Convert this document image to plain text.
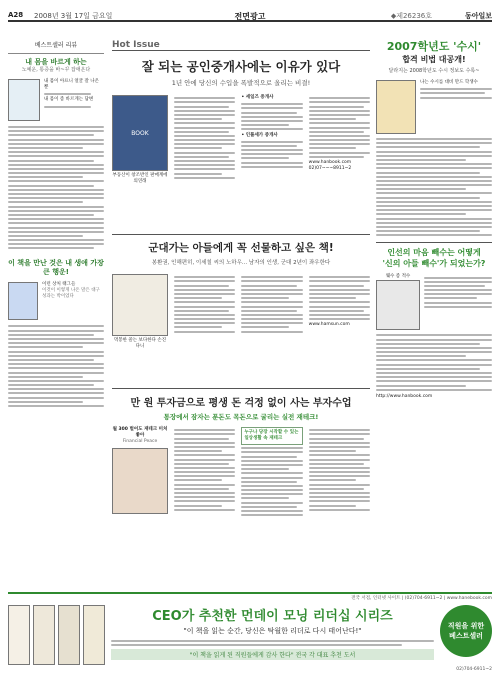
A28 2008년 3월 17일 금요일	전면광고	◆제26236호	동아일보
베스트셀러 리뷰
내 몸을 바르게 하는
노예운, 통증을 바~꾸 잡애온다
내 몸이 아프니 얼굴 잘 나온 뿐
내 몸이 좀 바르게는 답변
이 책을 만난 것은 내 생애 가장 큰 행운!
이런 상처 태그들
이것이 이렇게 나온 말은 대구 성과는 박이었다
Hot Issue
잘 되는 공인중개사에는 이유가 있다
1년 안에 당신의 수입을 폭발적으로 올리는 비결!
BOOK
부동산이 창조반인 판매계에의연래
• 세일즈 중개사
• 인풀세가 중개사
www.hanbook.com
02)07~~~8911~2
군대가는 아들에게 꼭 선물하고 싶은 책!
봉환권, 인해편히, 이세칠 씨의 노하우... 남자의 인생, 군대 2년이 좌우한다
먹봉한 쓸는 보다한다 손진다니
www.hamsun.com
만 원 투자금으로 평생 돈 걱정 없이 사는 부자수업
통장에서 잠자는 푼돈도 목돈으로 굴리는 실전 재테크!
월 300 벌어도 재테크 미처 좋아
Financial Peace
누구나 당장 시작할 수 있는 일상생활 속 재테크
2007학년도 '수시'
합격 비법 대공개!
달라지는 2008학년도 수시 정보도 수록~
나는 수시를 대비 만드 학생수
인선의 마음 빼수는 어떻게
'신의 아들 빼수'가 되었는가?
웨수 좀 적수
http://www.hanbook.com
전국 서점, 인터넷 사이트 | (02)704-6911~2 | www.hanebook.com
CEO가 추천한 먼데이 모닝 리더십 시리즈
"이 책을 읽는 순간, 당신은 탁월한 리더로 다시 태어난다!"
"이 책을 읽게 된 직원들에게 감사 한다" 전국 각 대표 추천 도서
직원을 위한
베스트셀러
02)704-6911~2
